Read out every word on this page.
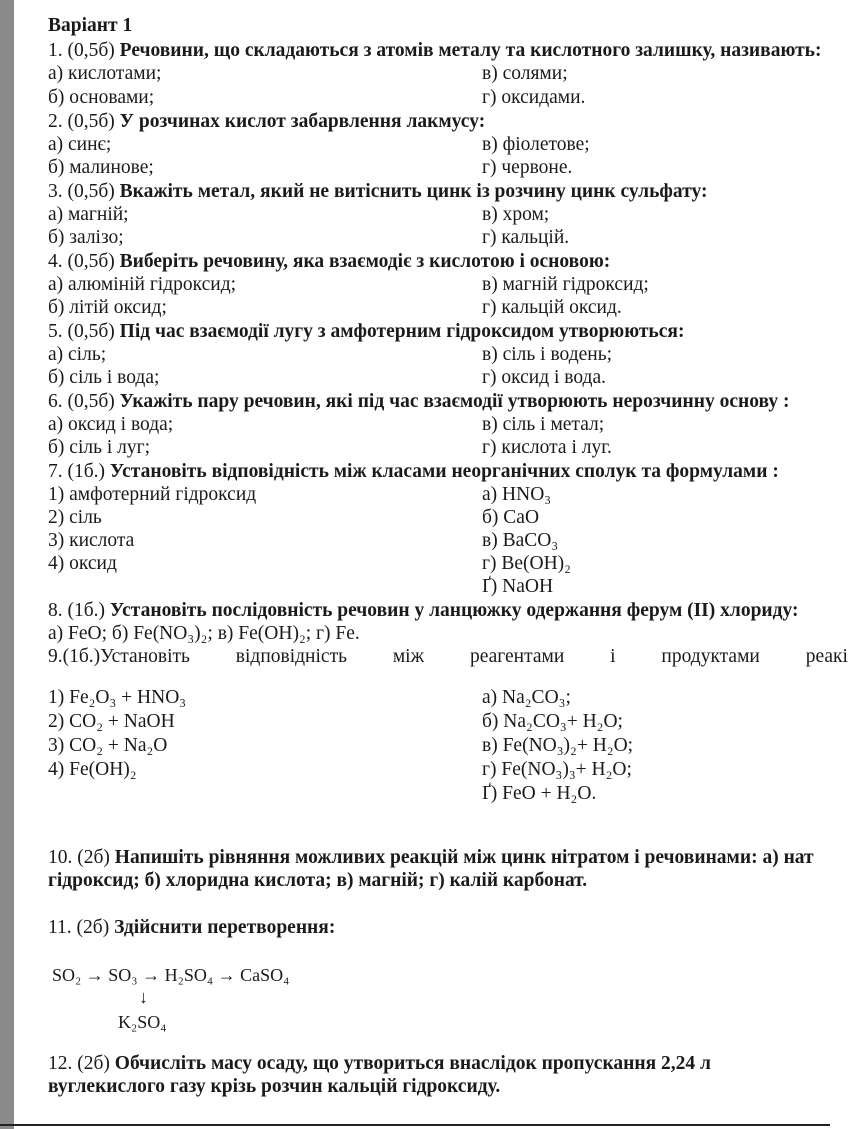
Варіант 1
1. (0,5б) Речовини, що складаються з атомів металу та кислотного залишку, називають:
а) кислотами;	в) солями;
б) основами;	г) оксидами.
2. (0,5б) У розчинах кислот забарвлення лакмусу:
а) синє;	в) фіолетове;
б) малинове;	г) червоне.
3. (0,5б) Вкажіть метал, який не витіснить цинк із розчину цинк сульфату:
а) магній;	в) хром;
б) залізо;	г) кальцій.
4. (0,5б) Виберіть речовину, яка взаємодіє з кислотою і основою:
а) алюміній гідроксид;	в) магній гідроксид;
б) літій оксид;	г) кальцій оксид.
5. (0,5б) Під час взаємодії лугу з амфотерним гідроксидом утворюються:
а) сіль;	в) сіль і водень;
б) сіль і вода;	г) оксид і вода.
6. (0,5б) Укажіть пару речовин, які під час взаємодії утворюють нерозчинну основу :
а) оксид і вода;	в) сіль і метал;
б) сіль і луг;	г) кислота і луг.
7. (1б.) Установіть відповідність між класами неорганічних сполук та формулами :
1) амфотерний гідроксид	а) HNO₃
2) сіль	б) CaO
3) кислота	в) BaCO₃
4) оксид	г) Be(OH)₂
Ґ) NaOH
8. (1б.) Установіть послідовність речовин у ланцюжку одержання ферум (ІІ) хлориду:
а) FeO; б) Fe(NO₃)₂; в) Fe(OH)₂; г) Fe.
9.(1б.)Установіть відповідність між реагентами і продуктами реакі
1) Fe₂O₃ + HNO₃	а) Na₂CO₃;
2) CO₂ + NaOH	б) Na₂CO₃+ H₂O;
3) CO₂ + Na₂O	в) Fe(NO₃)₂+ H₂O;
4) Fe(OH)₂	г) Fe(NO₃)₃+ H₂O;
Ґ) FeO + H₂O.
10. (2б) Напишіть рівняння можливих реакцій між цинк нітратом і речовинами: а) нат
гідроксид; б) хлоридна кислота; в) магній; г) калій карбонат.
11. (2б) Здійснити перетворення:
SO₂ → SO₃ → H₂SO₄ → CaSO₄
↓
K₂SO₄
12. (2б) Обчисліть масу осаду, що утвориться внаслідок пропускання 2,24 л
вуглекислого газу крізь розчин кальцій гідроксиду.
